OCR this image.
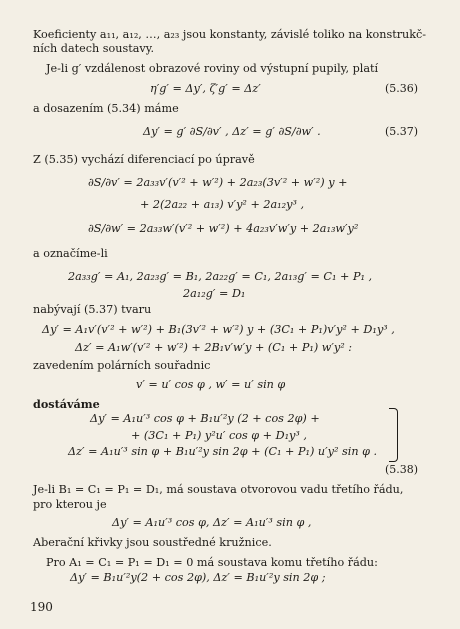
Koeficienty a₁₁, a₁₂, …, a₂₃ jsou konstanty, závislé toliko na konstrukč-
ních datech soustavy.
Je-li g′ vzdálenost obrazové roviny od výstupní pupily, platí
η′g′ = Δy′, ζ′g′ = Δz′	(5.36)
a dosazením (5.34) máme
Δy′ = g′ ∂S/∂v′ , Δz′ = g′ ∂S/∂w′ .	(5.37)
Z (5.35) vychází diferenciací po úpravě
∂S/∂v′ = 2a₃₃v′(v′² + w′²) + 2a₂₃(3v′² + w′²) y +
+ 2(2a₂₂ + a₁₃) v′y² + 2a₁₂y³ ,
∂S/∂w′ = 2a₃₃w′(v′² + w′²) + 4a₂₃v′w′y + 2a₁₃w′y²
a označíme-li
2a₃₃g′ = A₁, 2a₂₃g′ = B₁, 2a₂₂g′ = C₁, 2a₁₃g′ = C₁ + P₁ ,
2a₁₂g′ = D₁
nabývají (5.37) tvaru
Δy′ = A₁v′(v′² + w′²) + B₁(3v′² + w′²) y + (3C₁ + P₁)v′y² + D₁y³ ,
Δz′ = A₁w′(v′² + w′²) + 2B₁v′w′y + (C₁ + P₁) w′y² :
zavedením polárních souřadnic
v′ = u′ cos φ , w′ = u′ sin φ
dostáváme
Δy′ = A₁u′³ cos φ + B₁u′²y (2 + cos 2φ) +
+ (3C₁ + P₁) y²u′ cos φ + D₁y³ ,
Δz′ = A₁u′³ sin φ + B₁u′²y sin 2φ + (C₁ + P₁) u′y² sin φ .
(5.38)
Je-li B₁ = C₁ = P₁ = D₁, má soustava otvorovou vadu třetího řádu,
pro kterou je
Δy′ = A₁u′³ cos φ, Δz′ = A₁u′³ sin φ ,
Aberační křivky jsou soustředné kružnice.
Pro A₁ = C₁ = P₁ = D₁ = 0 má soustava komu třetího řádu:
Δy′ = B₁u′²y(2 + cos 2φ), Δz′ = B₁u′²y sin 2φ ;
190
